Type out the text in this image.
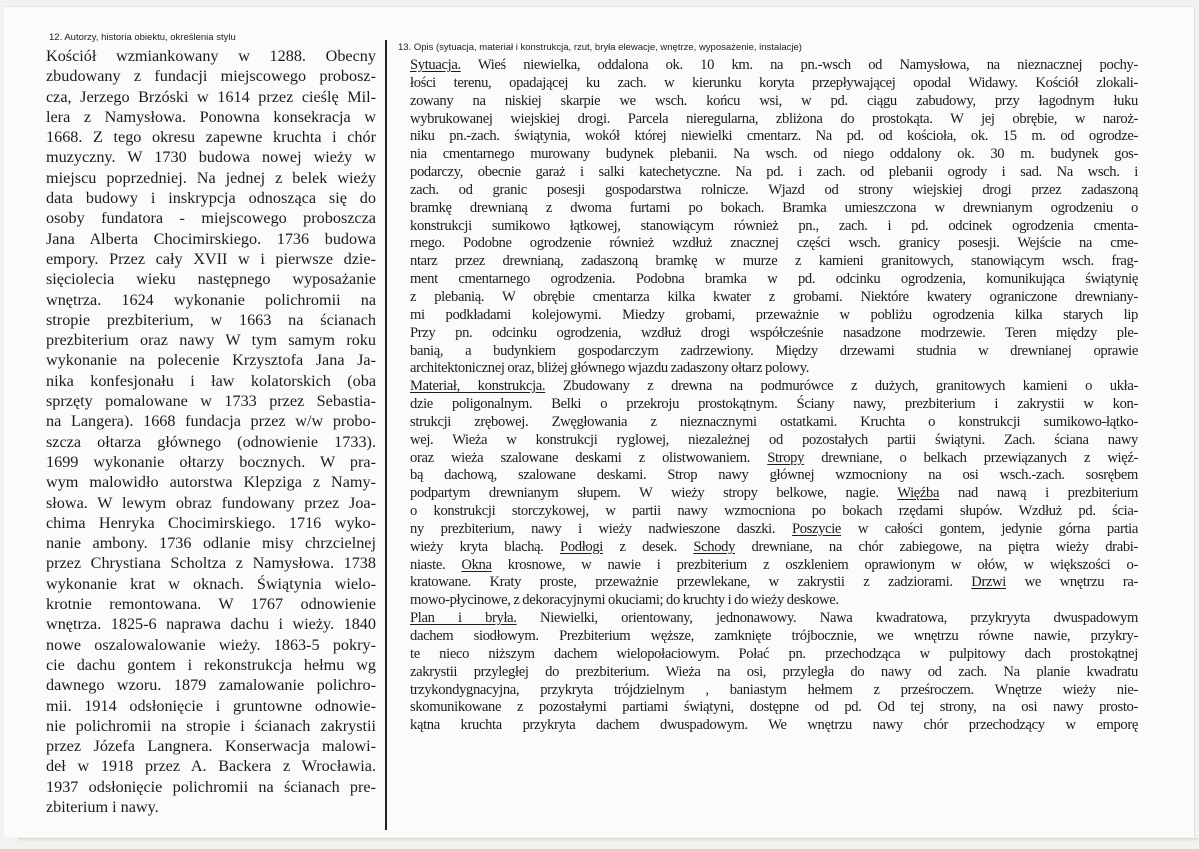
12. Autorzy, historia obiektu, określenia stylu
Kościół wzmiankowany w 1288. Obecny
zbudowany z fundacji miejscowego probosz-
cza, Jerzego Brzóski w 1614 przez cieślę Mil-
lera z Namysłowa. Ponowna konsekracja w
1668. Z tego okresu zapewne kruchta i chór
muzyczny. W 1730 budowa nowej wieży w
miejscu poprzedniej. Na jednej z belek wieży
data budowy i inskrypcja odnosząca się do
osoby fundatora - miejscowego proboszcza
Jana Alberta Chocimirskiego. 1736 budowa
empory. Przez cały XVII w i pierwsze dzie-
sięciolecia wieku następnego wyposażanie
wnętrza. 1624 wykonanie polichromii na
stropie prezbiterium, w 1663 na ścianach
prezbiterium oraz nawy W tym samym roku
wykonanie na polecenie Krzysztofa Jana Ja-
nika konfesjonału i ław kolatorskich (oba
sprzęty pomalowane w 1733 przez Sebastia-
na Langera). 1668 fundacja przez w/w probo-
szcza ołtarza głównego (odnowienie 1733).
1699 wykonanie ołtarzy bocznych. W pra-
wym malowidło autorstwa Klepziga z Namy-
słowa. W lewym obraz fundowany przez Joa-
chima Henryka Chocimirskiego. 1716 wyko-
nanie ambony. 1736 odlanie misy chrzcielnej
przez Chrystiana Scholtza z Namysłowa. 1738
wykonanie krat w oknach. Świątynia wielo-
krotnie remontowana. W 1767 odnowienie
wnętrza. 1825-6 naprawa dachu i wieży. 1840
nowe oszalowalowanie wieży. 1863-5 pokry-
cie dachu gontem i rekonstrukcja hełmu wg
dawnego wzoru. 1879 zamalowanie polichro-
mii. 1914 odsłonięcie i gruntowne odnowie-
nie polichromii na stropie i ścianach zakrystii
przez Józefa Langnera. Konserwacja malowi-
deł w 1918 przez A. Backera z Wrocławia.
1937 odsłonięcie polichromii na ścianach pre-
zbiterium i nawy.
13. Opis (sytuacja, materiał i konstrukcja, rzut, bryła elewacje, wnętrze, wyposażenie, instalacje)
Sytuacja. Wieś niewielka, oddalona ok. 10 km. na pn.-wsch od Namysłowa, na nieznacznej pochy-
łości terenu, opadającej ku zach. w kierunku koryta przepływającej opodal Widawy. Kościół zlokali-
zowany na niskiej skarpie we wsch. końcu wsi, w pd. ciągu zabudowy, przy łagodnym łuku
wybrukowanej wiejskiej drogi. Parcela nieregularna, zbliżona do prostokąta. W jej obrębie, w naroż-
niku pn.-zach. świątynia, wokół której niewielki cmentarz. Na pd. od kościoła, ok. 15 m. od ogrodze-
nia cmentarnego murowany budynek plebanii. Na wsch. od niego oddalony ok. 30 m. budynek gos-
podarczy, obecnie garaż i salki katechetyczne. Na pd. i zach. od plebanii ogrody i sad. Na wsch. i
zach. od granic posesji gospodarstwa rolnicze. Wjazd od strony wiejskiej drogi przez zadaszoną
bramkę drewnianą z dwoma furtami po bokach. Bramka umieszczona w drewnianym ogrodzeniu o
konstrukcji sumikowo łątkowej, stanowiącym również pn., zach. i pd. odcinek ogrodzenia cmenta-
rnego. Podobne ogrodzenie również wzdłuż znacznej części wsch. granicy posesji. Wejście na cme-
ntarz przez drewnianą, zadaszoną bramkę w murze z kamieni granitowych, stanowiącym wsch. frag-
ment cmentarnego ogrodzenia. Podobna bramka w pd. odcinku ogrodzenia, komunikująca świątynię
z plebanią. W obrębie cmentarza kilka kwater z grobami. Niektóre kwatery ograniczone drewniany-
mi podkładami kolejowymi. Miedzy grobami, przeważnie w pobliżu ogrodzenia kilka starych lip
Przy pn. odcinku ogrodzenia, wzdłuż drogi współcześnie nasadzone modrzewie. Teren między ple-
banią, a budynkiem gospodarczym zadrzewiony. Między drzewami studnia w drewnianej oprawie
architektonicznej oraz, bliżej głównego wjazdu zadaszony ołtarz polowy.
Materiał, konstrukcja. Zbudowany z drewna na podmurówce z dużych, granitowych kamieni o ukła-
dzie poligonalnym. Belki o przekroju prostokątnym. Ściany nawy, prezbiterium i zakrystii w kon-
strukcji zrębowej. Zwęgłowania z nieznacznymi ostatkami. Kruchta o konstrukcji sumikowo-łątko-
wej. Wieża w konstrukcji ryglowej, niezależnej od pozostałych partii świątyni. Zach. ściana nawy
oraz wieża szalowane deskami z olistwowaniem. Stropy drewniane, o belkach przewiązanych z więź-
bą dachową, szalowane deskami. Strop nawy głównej wzmocniony na osi wsch.-zach. sosrębem
podpartym drewnianym słupem. W wieży stropy belkowe, nagie. Więźba nad nawą i prezbiterium
o konstrukcji storczykowej, w partii nawy wzmocniona po bokach rzędami słupów. Wzdłuż pd. ścia-
ny prezbiterium, nawy i wieży nadwieszone daszki. Poszycie w całości gontem, jedynie górna partia
wieży kryta blachą. Podłogi z desek. Schody drewniane, na chór zabiegowe, na piętra wieży drabi-
niaste. Okna krosnowe, w nawie i prezbiterium z oszkleniem oprawionym w ołów, w większości o-
kratowane. Kraty proste, przeważnie przewlekane, w zakrystii z zadziorami. Drzwi we wnętrzu ra-
mowo-płycinowe, z dekoracyjnymi okuciami; do kruchty i do wieży deskowe.
Plan i bryła. Niewielki, orientowany, jednonawowy. Nawa kwadratowa, przykryyta dwuspadowym
dachem siodłowym. Prezbiterium węższe, zamknięte trójbocznie, we wnętrzu równe nawie, przykry-
te nieco niższym dachem wielopołaciowym. Połać pn. przechodząca w pulpitowy dach prostokątnej
zakrystii przyległej do prezbiterium. Wieża na osi, przyległa do nawy od zach. Na planie kwadratu
trzykondygnacyjna, przykryta trójdzielnym , baniastym hełmem z prześroczem. Wnętrze wieży nie-
skomunikowane z pozostałymi partiami świątyni, dostępne od pd. Od tej strony, na osi nawy prosto-
kątna kruchta przykryta dachem dwuspadowym. We wnętrzu nawy chór przechodzący w emporę
